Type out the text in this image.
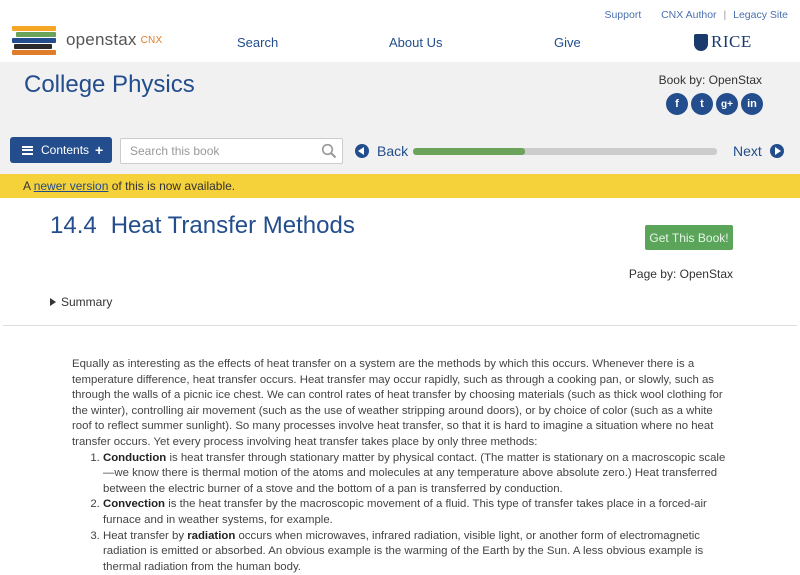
openstax CNX
Support CNX Author | Legacy Site
Search	About Us	Give	RICE
College Physics	Book by: OpenStax
f	t	g+	in
Contents +
Search this book	Back	Next
A newer version of this is now available.
14.4 Heat Transfer Methods	Get This Book!
Page by: OpenStax
Summary

Equally as interesting as the effects of heat transfer on a system are the methods by which this occurs. Whenever there is a temperature difference, heat transfer occurs. Heat transfer may occur rapidly, such as through a cooking pan, or slowly, such as through the walls of a picnic ice chest. We can control rates of heat transfer by choosing materials (such as thick wool clothing for the winter), controlling air movement (such as the use of weather stripping around doors), or by choice of color (such as a white roof to reflect summer sunlight). So many processes involve heat transfer, so that it is hard to imagine a situation where no heat transfer occurs. Yet every process involving heat transfer takes place by only three methods:

1. Conduction is heat transfer through stationary matter by physical contact. (The matter is stationary on a macroscopic scale—we know there is thermal motion of the atoms and molecules at any temperature above absolute zero.) Heat transferred between the electric burner of a stove and the bottom of a pan is transferred by conduction.
2. Convection is the heat transfer by the macroscopic movement of a fluid. This type of transfer takes place in a forced-air furnace and in weather systems, for example.
3. Heat transfer by radiation occurs when microwaves, infrared radiation, visible light, or another form of electromagnetic radiation is emitted or absorbed. An obvious example is the warming of the Earth by the Sun. A less obvious example is thermal radiation from the human body.
